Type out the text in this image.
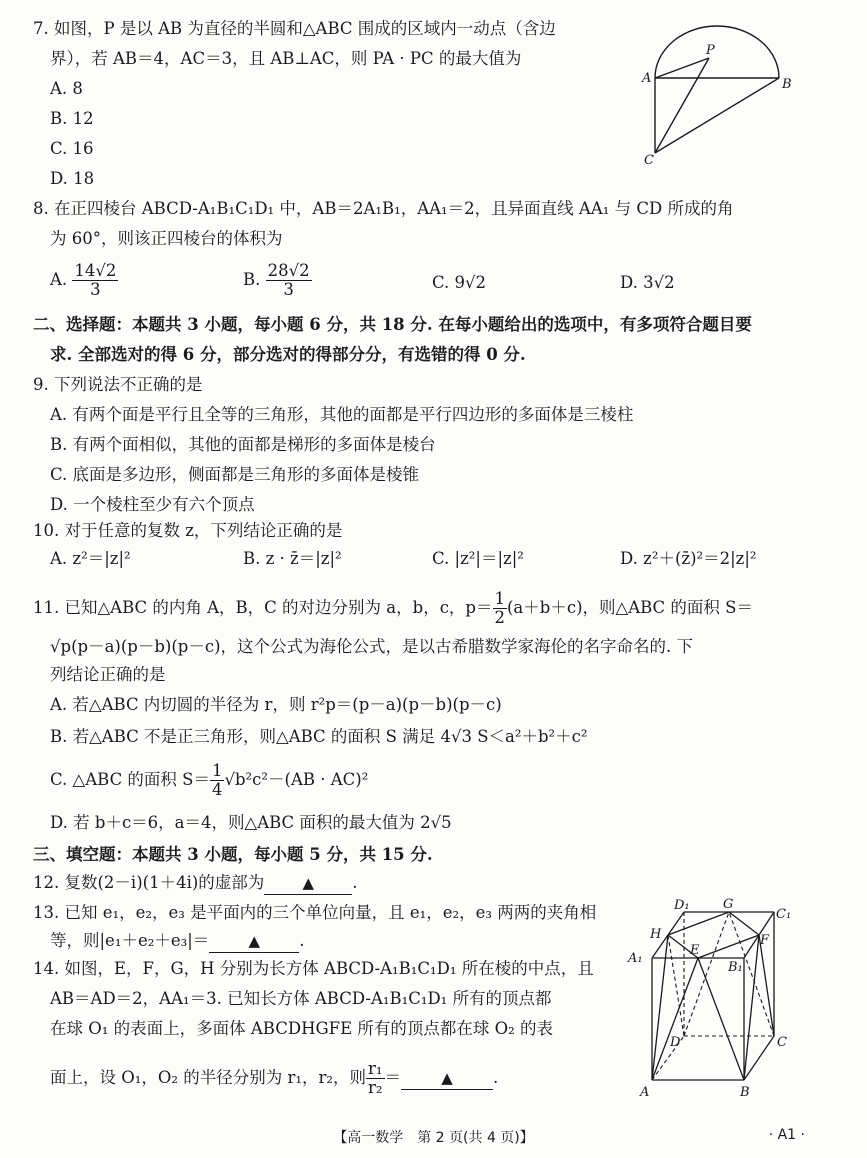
7. 如图，P 是以 AB 为直径的半圆和△ABC 围成的区域内一动点（含边
界），若 AB＝4，AC＝3，且 AB⊥AC，则 PA · PC 的最大值为
A. 8
B. 12
C. 16
D. 18
P
A	B
C
8. 在正四棱台 ABCD-A₁B₁C₁D₁ 中，AB＝2A₁B₁，AA₁＝2，且异面直线 AA₁ 与 CD 所成的角
为 60°，则该正四棱台的体积为
A. $\frac{14√2}{3}$	B. $\frac{28√2}{3}$	C. 9√2	D. 3√2
二、选择题：本题共 3 小题，每小题 6 分，共 18 分. 在每小题给出的选项中，有多项符合题目要
求. 全部选对的得 6 分，部分选对的得部分分，有选错的得 0 分.
9. 下列说法不正确的是
A. 有两个面是平行且全等的三角形，其他的面都是平行四边形的多面体是三棱柱
B. 有两个面相似，其他的面都是梯形的多面体是棱台
C. 底面是多边形，侧面都是三角形的多面体是棱锥
D. 一个棱柱至少有六个顶点
10. 对于任意的复数 z，下列结论正确的是
A. z²＝|z|²	B. z · z̄＝|z|²	C. |z²|＝|z|²	D. z²＋(z̄)²＝2|z|²
11. 已知△ABC 的内角 A，B，C 的对边分别为 a，b，c，$p= \frac{1}{2} (a+b+c)$，则△ABC 的面积 S＝
√p(p－a)(p－b)(p－c)，这个公式为海伦公式，是以古希腊数学家海伦的名字命名的. 下
列结论正确的是
A. 若△ABC 内切圆的半径为 r，则 r²p＝(p－a)(p－b)(p－c)
B. 若△ABC 不是正三角形，则△ABC 的面积 S 满足 4√3 S＜a²＋b²＋c²
C. △ABC 的面积 $S= \frac{1}{4} √b^2c^2-(AB \cdot AC)^2$
D. 若 b＋c＝6，a＝4，则△ABC 面积的最大值为 2√5
三、填空题：本题共 3 小题，每小题 5 分，共 15 分.
12. 复数(2－i)(1＋4i)的虚部为	▲ .
13. 已知 e₁，e₂，e₃ 是平面内的三个单位向量，且 e₁，e₂，e₃ 两两的夹角相
等，则|e₁＋e₂＋e₃|＝	▲ .
14. 如图，E，F，G，H 分别为长方体 ABCD-A₁B₁C₁D₁ 所在棱的中点，且
AB＝AD＝2，AA₁＝3. 已知长方体 ABCD-A₁B₁C₁D₁ 所有的顶点都
在球 O₁ 的表面上，多面体 ABCDHGFE 所有的顶点都在球 O₂ 的表
面上，设 O₁，O₂ 的半径分别为 r₁，r₂，则 $\frac{\text{r₁}}{\text{r₂}}$ ＝	▲ .
D₁	G
C₁
H
E
F
A₁
B₁
D	C
A	B
【高一数学　第 2 页(共 4 页)】	· A1 ·
